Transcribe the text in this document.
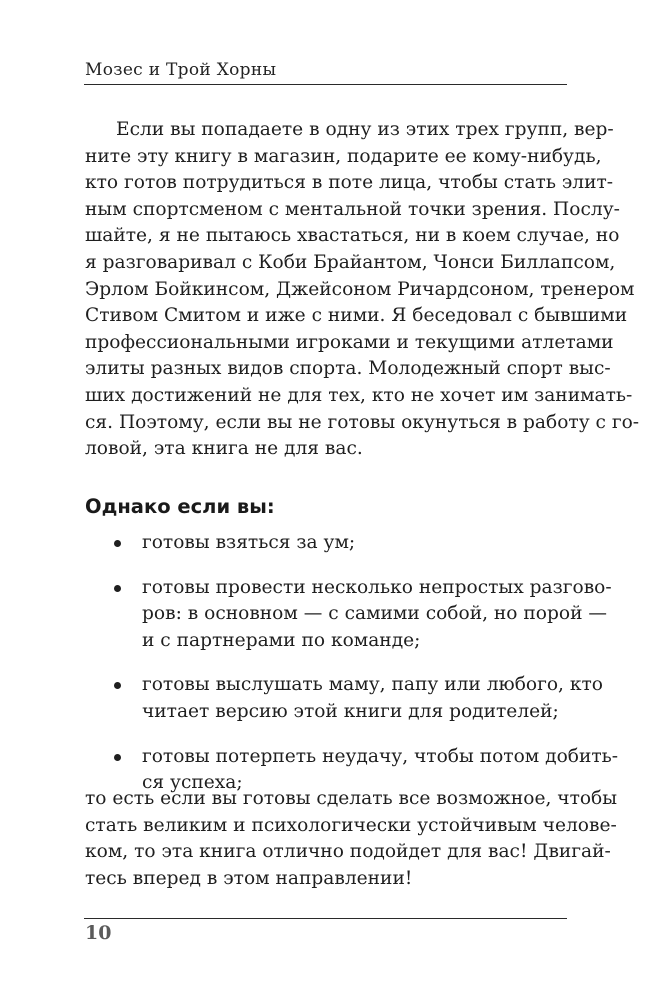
Мозес и Трой Хорны
Если вы попадаете в одну из этих трех групп, вер-
ните эту книгу в магазин, подарите ее кому-нибудь,
кто готов потрудиться в поте лица, чтобы стать элит-
ным спортсменом с ментальной точки зрения. Послу-
шайте, я не пытаюсь хвастаться, ни в коем случае, но
я разговаривал с Коби Брайантом, Чонси Биллапсом,
Эрлом Бойкинсом, Джейсоном Ричардсоном, тренером
Стивом Смитом и иже с ними. Я беседовал с бывшими
профессиональными игроками и текущими атлетами
элиты разных видов спорта. Молодежный спорт выс-
ших достижений не для тех, кто не хочет им занимать-
ся. Поэтому, если вы не готовы окунуться в работу с го-
ловой, эта книга не для вас.
Однако если вы:
готовы взяться за ум;
готовы провести несколько непростых разгово-
ров: в основном — с самими собой, но порой —
и с партнерами по команде;
готовы выслушать маму, папу или любого, кто
читает версию этой книги для родителей;
готовы потерпеть неудачу, чтобы потом добить-
ся успеха;
то есть если вы готовы сделать все возможное, чтобы
стать великим и психологически устойчивым челове-
ком, то эта книга отлично подойдет для вас! Двигай-
тесь вперед в этом направлении!
10
